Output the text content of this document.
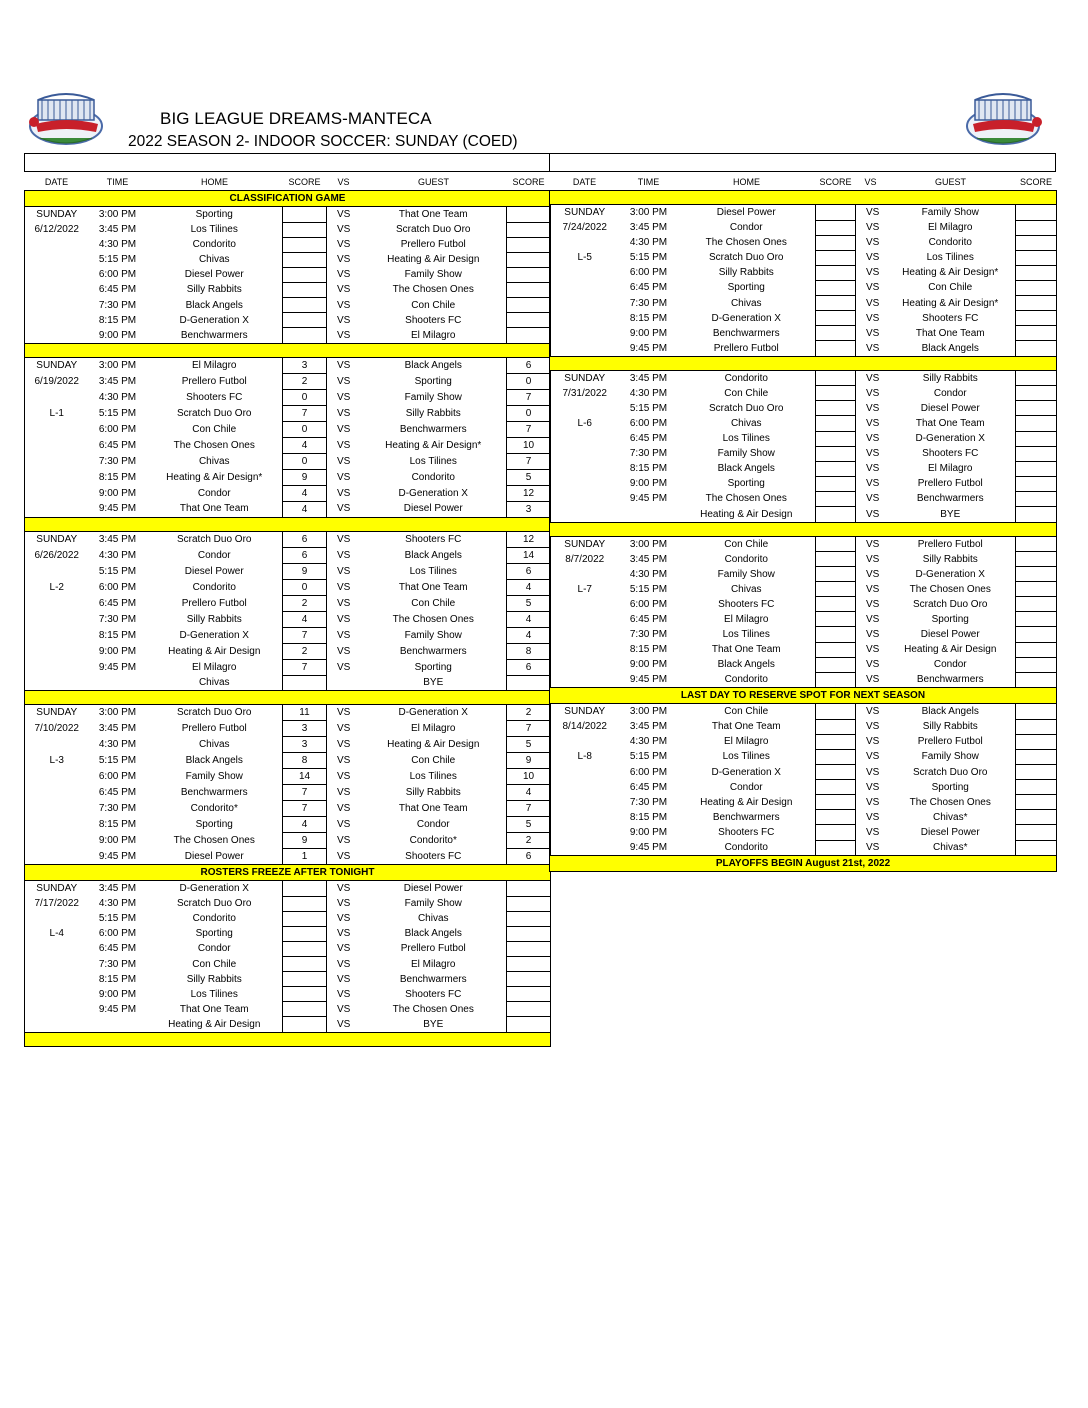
BIG LEAGUE DREAMS-MANTECA
2022 SEASON 2- INDOOR SOCCER: SUNDAY (COED)
DATE	TIME	HOME	SCORE	VS	GUEST	SCORE
CLASSIFICATION GAME						
SUNDAY	3:00 PM	Sporting		VS	That One Team	
6/12/2022	3:45 PM	Los Tilines		VS	Scratch Duo Oro	
	4:30 PM	Condorito		VS	Prellero Futbol	
	5:15 PM	Chivas		VS	Heating & Air Design	
	6:00 PM	Diesel Power		VS	Family Show	
	6:45 PM	Silly Rabbits		VS	The Chosen Ones	
	7:30 PM	Black Angels		VS	Con Chile	
	8:15 PM	D-Generation X		VS	Shooters FC	
	9:00 PM	Benchwarmers		VS	El Milagro	

SUNDAY	3:00 PM	El Milagro	3	VS	Black Angels	6
6/19/2022	3:45 PM	Prellero Futbol	2	VS	Sporting	0
	4:30 PM	Shooters FC	0	VS	Family Show	7
L-1	5:15 PM	Scratch Duo Oro	7	VS	Silly Rabbits	0
	6:00 PM	Con Chile	0	VS	Benchwarmers	7
	6:45 PM	The Chosen Ones	4	VS	Heating & Air Design*	10
	7:30 PM	Chivas	0	VS	Los Tilines	7
	8:15 PM	Heating & Air Design*	9	VS	Condorito	5
	9:00 PM	Condor	4	VS	D-Generation X	12
	9:45 PM	That One Team	4	VS	Diesel Power	3

SUNDAY	3:45 PM	Scratch Duo Oro	6	VS	Shooters FC	12
6/26/2022	4:30 PM	Condor	6	VS	Black Angels	14
	5:15 PM	Diesel Power	9	VS	Los Tilines	6
L-2	6:00 PM	Condorito	0	VS	That One Team	4
	6:45 PM	Prellero Futbol	2	VS	Con Chile	5
	7:30 PM	Silly Rabbits	4	VS	The Chosen Ones	4
	8:15 PM	D-Generation X	7	VS	Family Show	4
	9:00 PM	Heating & Air Design	2	VS	Benchwarmers	8
	9:45 PM	El Milagro	7	VS	Sporting	6
		Chivas			BYE	

SUNDAY	3:00 PM	Scratch Duo Oro	11	VS	D-Generation X	2
7/10/2022	3:45 PM	Prellero Futbol	3	VS	El Milagro	7
	4:30 PM	Chivas	3	VS	Heating & Air Design	5
L-3	5:15 PM	Black Angels	8	VS	Con Chile	9
	6:00 PM	Family Show	14	VS	Los Tilines	10
	6:45 PM	Benchwarmers	7	VS	Silly Rabbits	4
	7:30 PM	Condorito*	7	VS	That One Team	7
	8:15 PM	Sporting	4	VS	Condor	5
	9:00 PM	The Chosen Ones	9	VS	Condorito*	2
	9:45 PM	Diesel Power	1	VS	Shooters FC	6
ROSTERS FREEZE AFTER TONIGHT						
SUNDAY	3:45 PM	D-Generation X		VS	Diesel Power	
7/17/2022	4:30 PM	Scratch Duo Oro		VS	Family Show	
	5:15 PM	Condorito		VS	Chivas	
L-4	6:00 PM	Sporting		VS	Black Angels	
	6:45 PM	Condor		VS	Prellero Futbol	
	7:30 PM	Con Chile		VS	El Milagro	
	8:15 PM	Silly Rabbits		VS	Benchwarmers	
	9:00 PM	Los Tilines		VS	Shooters FC	
	9:45 PM	That One Team		VS	The Chosen Ones	
		Heating & Air Design		VS	BYE	

DATE	TIME	HOME	SCORE	VS	GUEST	SCORE

SUNDAY	3:00 PM	Diesel Power		VS	Family Show	
7/24/2022	3:45 PM	Condor		VS	El Milagro	
	4:30 PM	The Chosen Ones		VS	Condorito	
L-5	5:15 PM	Scratch Duo Oro		VS	Los Tilines	
	6:00 PM	Silly Rabbits		VS	Heating & Air Design*	
	6:45 PM	Sporting		VS	Con Chile	
	7:30 PM	Chivas		VS	Heating & Air Design*	
	8:15 PM	D-Generation X		VS	Shooters FC	
	9:00 PM	Benchwarmers		VS	That One Team	
	9:45 PM	Prellero Futbol		VS	Black Angels	

SUNDAY	3:45 PM	Condorito		VS	Silly Rabbits	
7/31/2022	4:30 PM	Con Chile		VS	Condor	
	5:15 PM	Scratch Duo Oro		VS	Diesel Power	
L-6	6:00 PM	Chivas		VS	That One Team	
	6:45 PM	Los Tilines		VS	D-Generation X	
	7:30 PM	Family Show		VS	Shooters FC	
	8:15 PM	Black Angels		VS	El Milagro	
	9:00 PM	Sporting		VS	Prellero Futbol	
	9:45 PM	The Chosen Ones		VS	Benchwarmers	
		Heating & Air Design		VS	BYE	

SUNDAY	3:00 PM	Con Chile		VS	Prellero Futbol	
8/7/2022	3:45 PM	Condorito		VS	Silly Rabbits	
	4:30 PM	Family Show		VS	D-Generation X	
L-7	5:15 PM	Chivas		VS	The Chosen Ones	
	6:00 PM	Shooters FC		VS	Scratch Duo Oro	
	6:45 PM	El Milagro		VS	Sporting	
	7:30 PM	Los Tilines		VS	Diesel Power	
	8:15 PM	That One Team		VS	Heating & Air Design	
	9:00 PM	Black Angels		VS	Condor	
	9:45 PM	Condorito		VS	Benchwarmers	
LAST DAY TO RESERVE SPOT FOR NEXT SEASON						
SUNDAY	3:00 PM	Con Chile		VS	Black Angels	
8/14/2022	3:45 PM	That One Team		VS	Silly Rabbits	
	4:30 PM	El Milagro		VS	Prellero Futbol	
L-8	5:15 PM	Los Tilines		VS	Family Show	
	6:00 PM	D-Generation X		VS	Scratch Duo Oro	
	6:45 PM	Condor		VS	Sporting	
	7:30 PM	Heating & Air Design		VS	The Chosen Ones	
	8:15 PM	Benchwarmers		VS	Chivas*	
	9:00 PM	Shooters FC		VS	Diesel Power	
	9:45 PM	Condorito		VS	Chivas*	
PLAYOFFS BEGIN August 21st, 2022						
